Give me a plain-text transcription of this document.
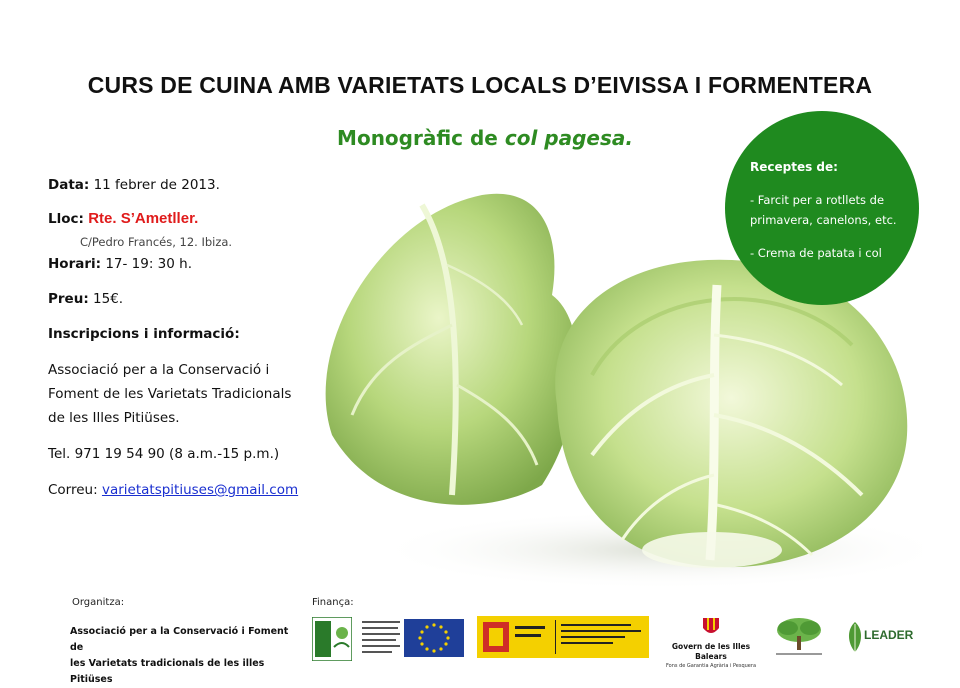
CURS DE CUINA AMB VARIETATS LOCALS D’EIVISSA I FORMENTERA
Monogràfic de col pagesa.
Data: 11 febrer de 2013.
Lloc: Rte. S’Ametller.
C/Pedro Francés, 12. Ibiza.
Horari: 17- 19: 30 h.
Preu: 15€.
Inscripcions i informació:
Associació per a la Conservació i
Foment de les Varietats Tradicionals
de les Illes Pitiüses.
Tel. 971 19 54 90 (8 a.m.-15 p.m.)
Correu: varietatspitiuses@gmail.com
Receptes de:
- Farcit per a rotllets de
primavera, canelons, etc.
- Crema de patata i col
Organitza:	Finança:
Associació per a la Conservació i Foment de
les Varietats tradicionals de les illes Pitiüses
Govern de les Illes Balears
Fons de Garantia Agrària i Pesquera
LEADER
